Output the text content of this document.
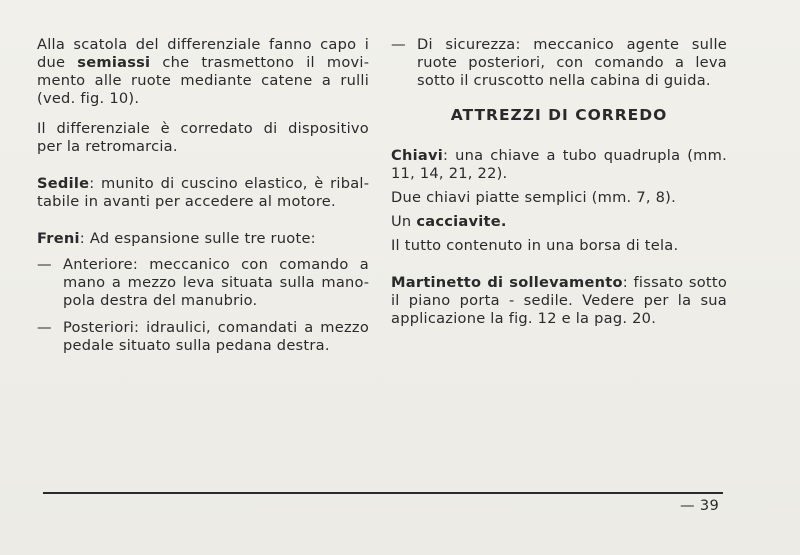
Alla scatola del differenziale fanno capo i due semiassi che trasmettono il movimento alle ruote mediante catene a rulli (ved. fig. 10).

Il differenziale è corredato di dispositivo per la retromarcia.

Sedile: munito di cuscino elastico, è ribaltabile in avanti per accedere al motore.

Freni: Ad espansione sulle tre ruote:

— Anteriore: meccanico con comando a mano a mezzo leva situata sulla manopola destra del manubrio.
— Posteriori: idraulici, comandati a mezzo pedale situato sulla pedana destra.
— Di sicurezza: meccanico agente sulle ruote posteriori, con comando a leva sotto il cruscotto nella cabina di guida.
ATTREZZI DI CORREDO

Chiavi: una chiave a tubo quadrupla (mm. 11, 14, 21, 22).

Due chiavi piatte semplici (mm. 7, 8).

Un cacciavite.

Il tutto contenuto in una borsa di tela.

Martinetto di sollevamento: fissato sotto il piano porta - sedile. Vedere per la sua applicazione la fig. 12 e la pag. 20.

— 39
